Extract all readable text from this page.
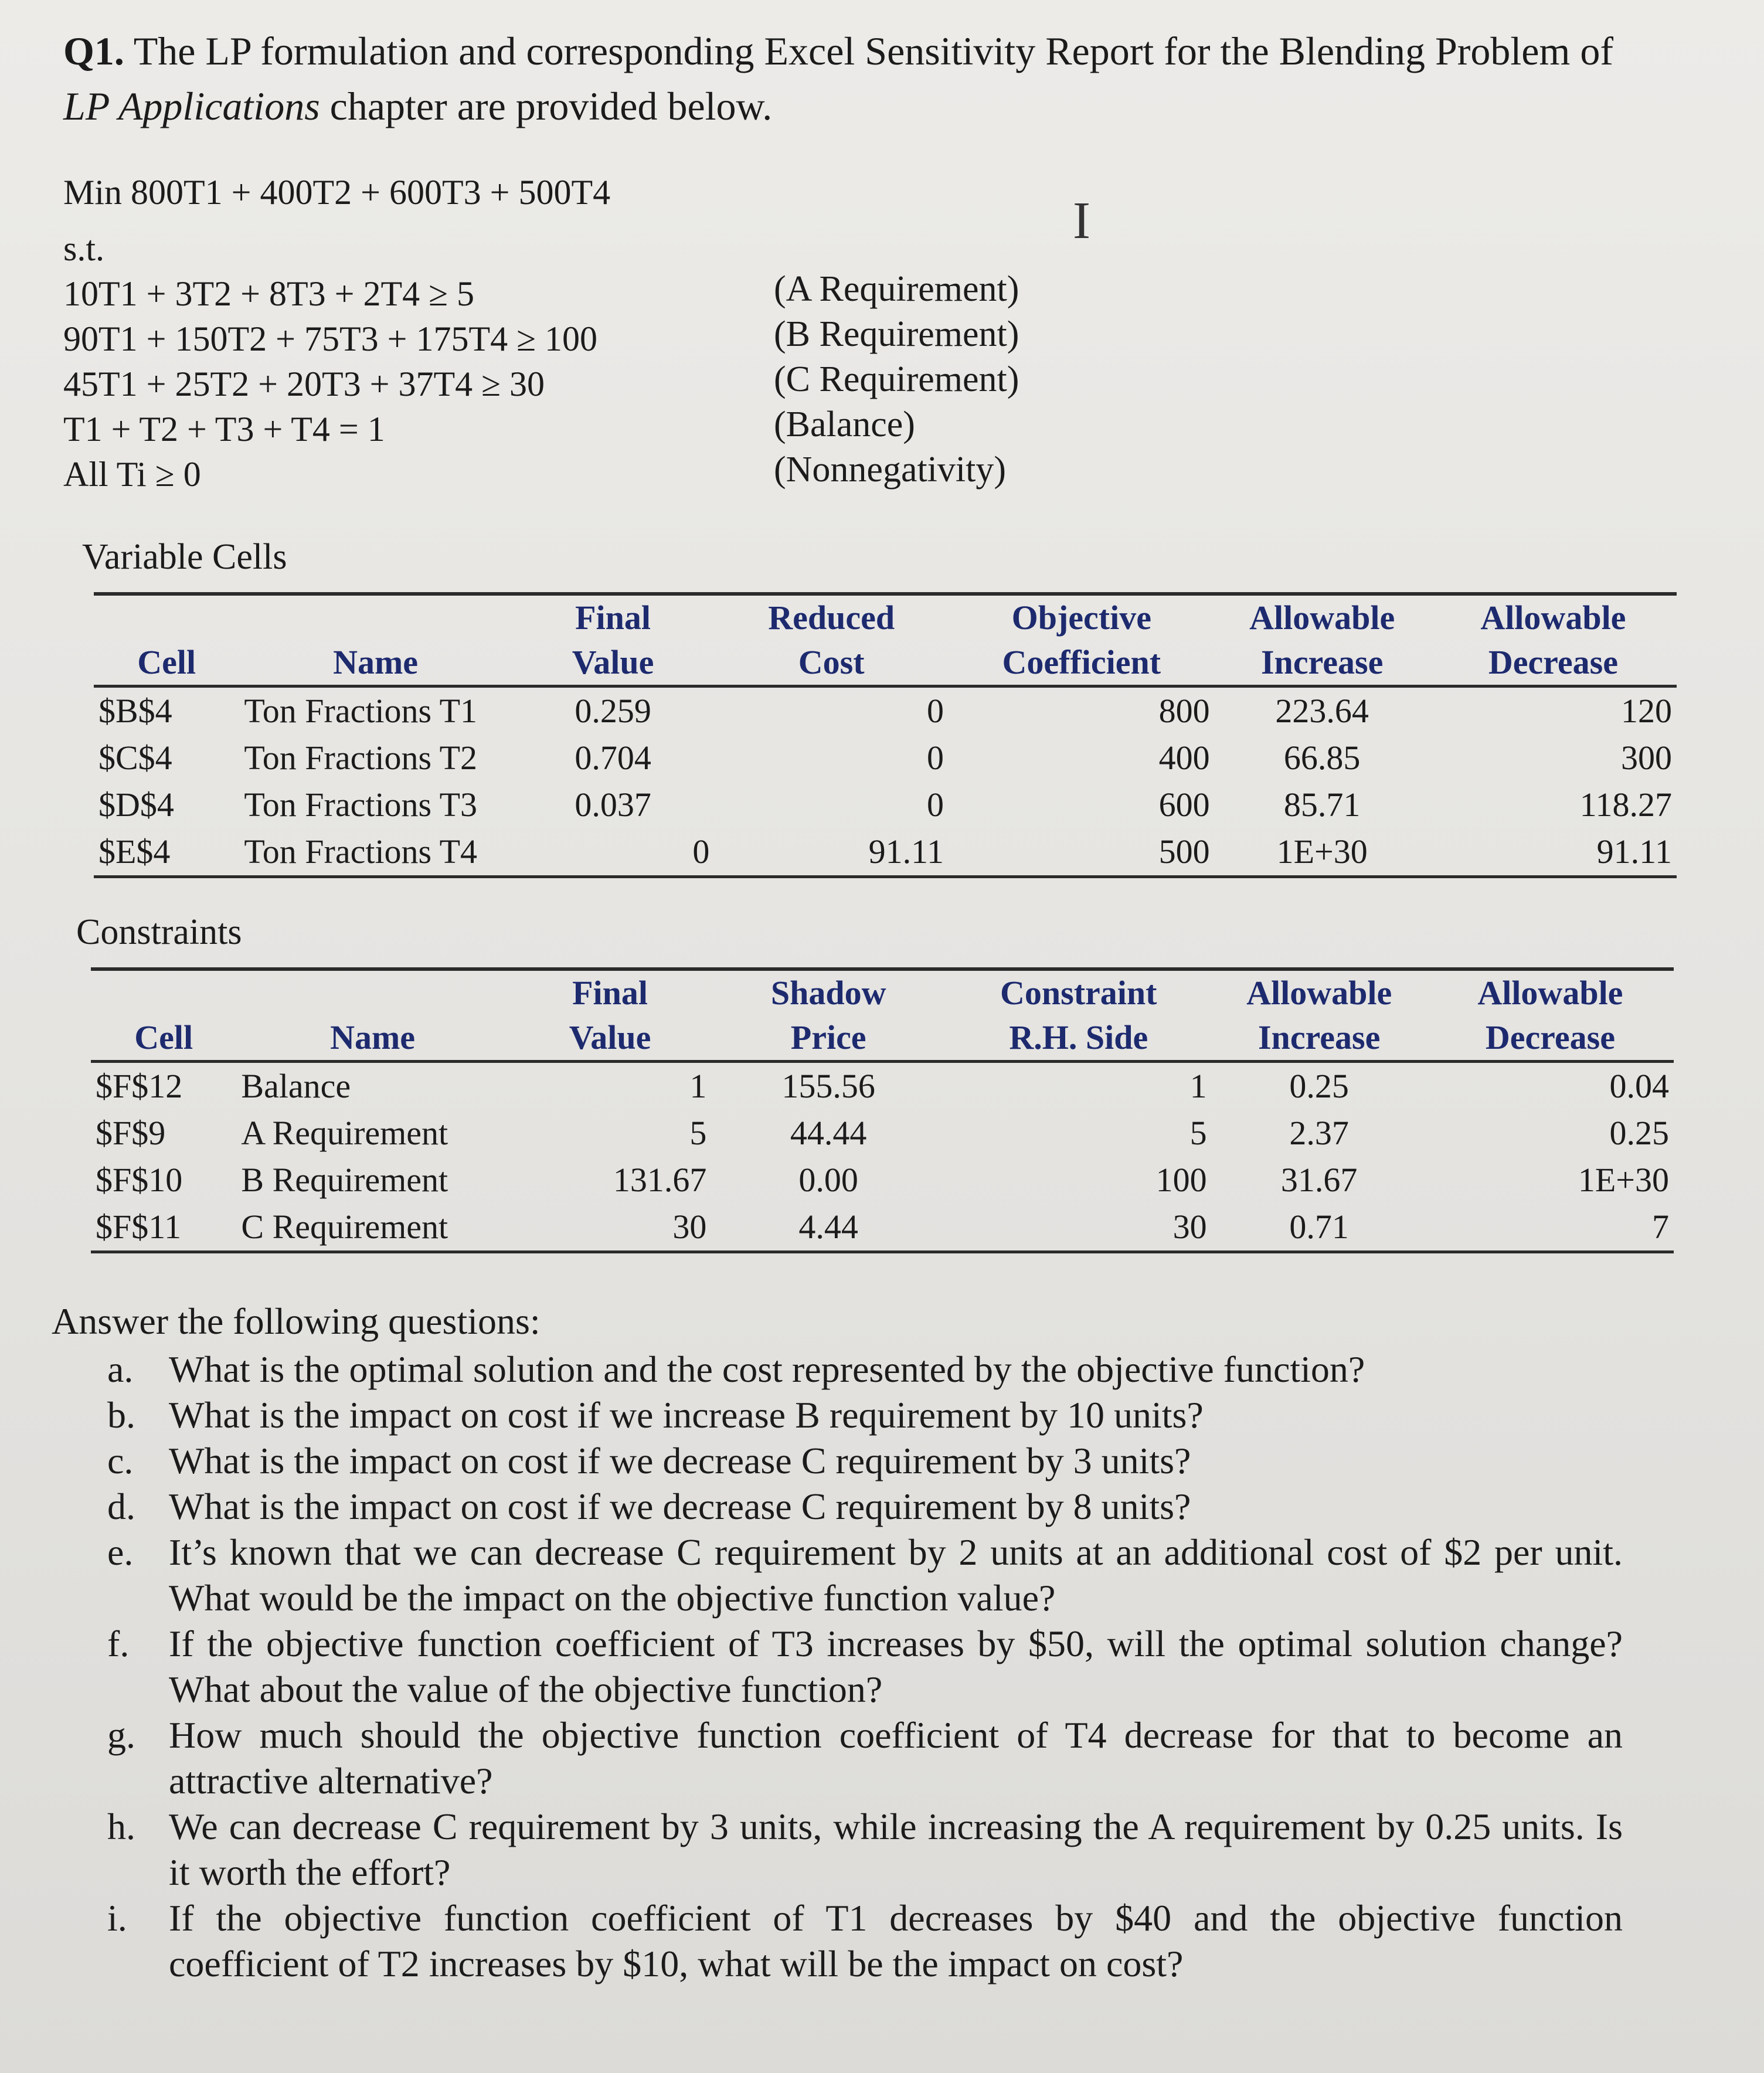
Q1. The LP formulation and corresponding Excel Sensitivity Report for the Blending Problem of LP Applications chapter are provided below.
Min 800T1 + 400T2 + 600T3 + 500T4
s.t.
10T1 + 3T2 + 8T3 + 2T4 ≥ 5
90T1 + 150T2 + 75T3 + 175T4 ≥ 100
45T1 + 25T2 + 20T3 + 37T4 ≥ 30
T1 + T2 + T3 + T4 = 1
All Ti ≥ 0
(A Requirement)
(B Requirement)
(C Requirement)
(Balance)
(Nonnegativity)
I
Variable Cells
		Final	Reduced	Objective	Allowable	Allowable
Cell	Name	Value	Cost	Coefficient	Increase	Decrease
$B$4	Ton Fractions T1	0.259	0	800	223.64	120
$C$4	Ton Fractions T2	0.704	0	400	66.85	300
$D$4	Ton Fractions T3	0.037	0	600	85.71	118.27
$E$4	Ton Fractions T4	0	91.11	500	1E+30	91.11
Constraints
		Final	Shadow	Constraint	Allowable	Allowable
Cell	Name	Value	Price	R.H. Side	Increase	Decrease
$F$12	Balance	1	155.56	1	0.25	0.04
$F$9	A Requirement	5	44.44	5	2.37	0.25
$F$10	B Requirement	131.67	0.00	100	31.67	1E+30
$F$11	C Requirement	30	4.44	30	0.71	7
Answer the following questions:
a. What is the optimal solution and the cost represented by the objective function?
b. What is the impact on cost if we increase B requirement by 10 units?
c. What is the impact on cost if we decrease C requirement by 3 units?
d. What is the impact on cost if we decrease C requirement by 8 units?
e. It’s known that we can decrease C requirement by 2 units at an additional cost of $2 per unit. What would be the impact on the objective function value?
f. If the objective function coefficient of T3 increases by $50, will the optimal solution change? What about the value of the objective function?
g. How much should the objective function coefficient of T4 decrease for that to become an attractive alternative?
h. We can decrease C requirement by 3 units, while increasing the A requirement by 0.25 units. Is it worth the effort?
i. If the objective function coefficient of T1 decreases by $40 and the objective function coefficient of T2 increases by $10, what will be the impact on cost?
